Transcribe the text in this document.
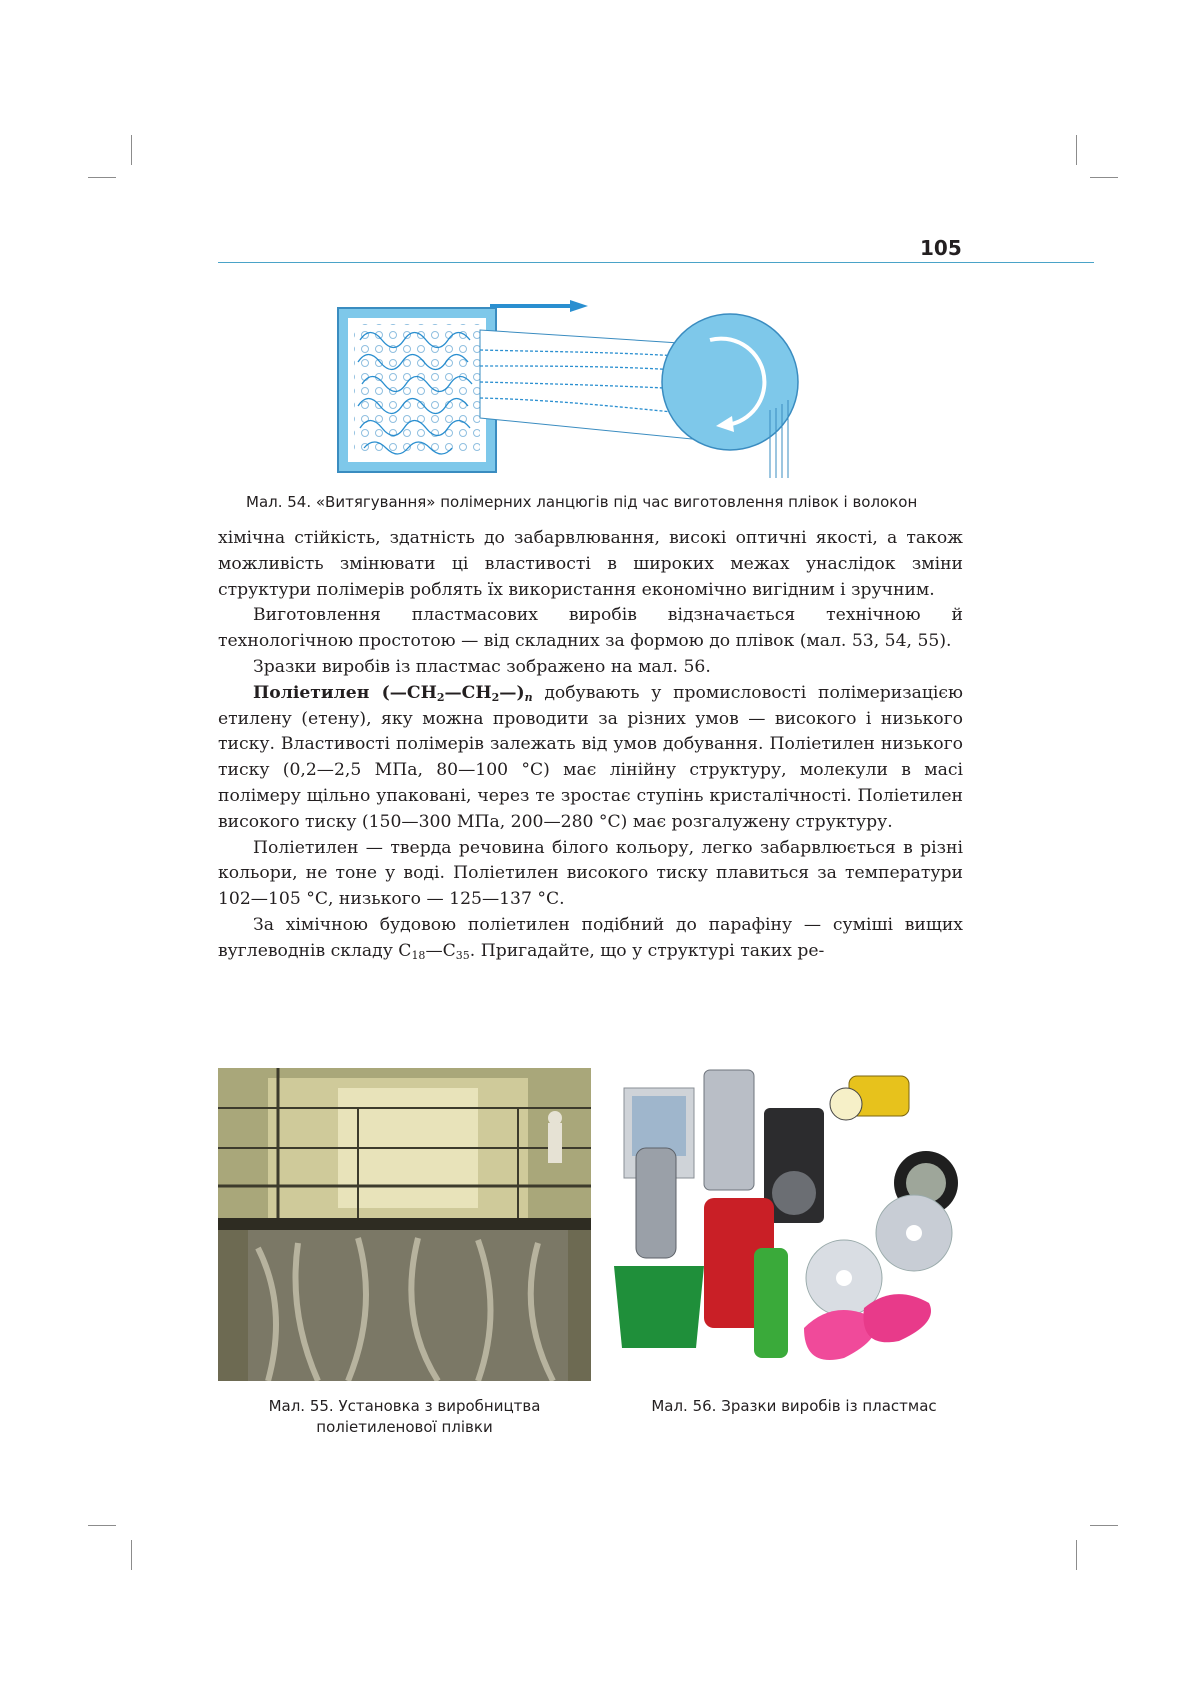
105
Мал. 54. «Витягування» полімерних ланцюгів під час виготовлення плівок і волокон

хімічна стійкість, здатність до забарвлювання, високі оптичні якості, а також можливість змінювати ці властивості в широких межах унаслідок зміни структури полімерів роблять їх використання економічно вигідним і зручним.

Виготовлення пластмасових виробів відзначається технічною й технологічною простотою — від складних за формою до плівок (мал. 53, 54, 55).

Зразки виробів із пластмас зображено на мал. 56.

Поліетилен $(—CH_2—CH_2—)_n$ добувають у промисловості полімеризацією етилену (етену), яку можна проводити за різних умов — високого і низького тиску. Властивості полімерів залежать від умов добування. Поліетилен низького тиску (0,2—2,5 МПа, 80—100 °С) має лінійну структуру, молекули в масі полімеру щільно упаковані, через те зростає ступінь кристалічності. Поліетилен високого тиску (150—300 МПа, 200—280 °С) має розгалужену структуру.

Поліетилен — тверда речовина білого кольору, легко забарвлюється в різні кольори, не тоне у воді. Поліетилен високого тиску плавиться за температури 102—105 °С, низького — 125—137 °С.

За хімічною будовою поліетилен подібний до парафіну — суміші вищих вуглеводнів складу $C_{18}—C_{35}$. Пригадайте, що у структурі таких ре-

Мал. 55. Установка з виробництва
поліетиленової плівки
Мал. 56. Зразки виробів із пластмас
